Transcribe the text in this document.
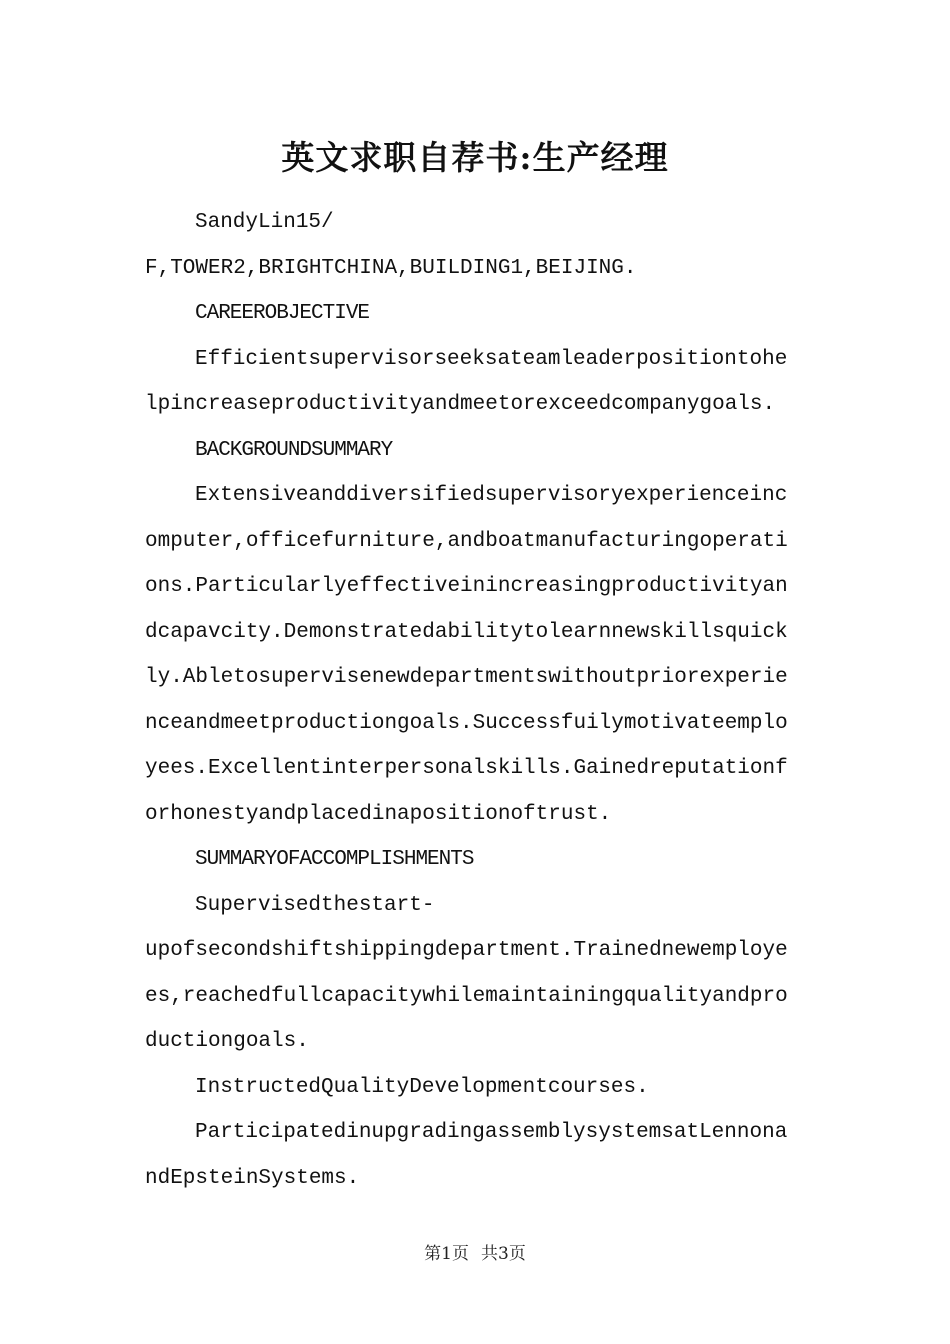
英文求职自荐书:生产经理

SandyLin15/

F,TOWER2,BRIGHTCHINA,BUILDING1,BEIJING.

CAREEROBJECTIVE

Efficientsupervisorseeksateamleaderpositiontohelpincreaseproductivityandmeetorexceedcompanygoals.

BACKGROUNDSUMMARY

Extensiveanddiversifiedsupervisoryexperienceincomputer,officefurniture,andboatmanufacturingoperations.Particularlyeffectiveinincreasingproductivityandcapavcity.Demonstratedabilitytolearnnewskillsquickly.Abletosupervisenewdepartmentswithoutpriorexperienceandmeetproductiongoals.Successfuilymotivateemployees.Excellentinterpersonalskills.Gainedreputationforhonestyandplacedinapositionoftrust.

SUMMARYOFACCOMPLISHMENTS

Supervisedthestart-

upofsecondshiftshippingdepartment.Trainednewemployees,reachedfullcapacitywhilemaintainingqualityandproductiongoals.

InstructedQualityDevelopmentcourses.

ParticipatedinupgradingassemblysystemsatLennonandEpsteinSystems.

第1页 共3页
